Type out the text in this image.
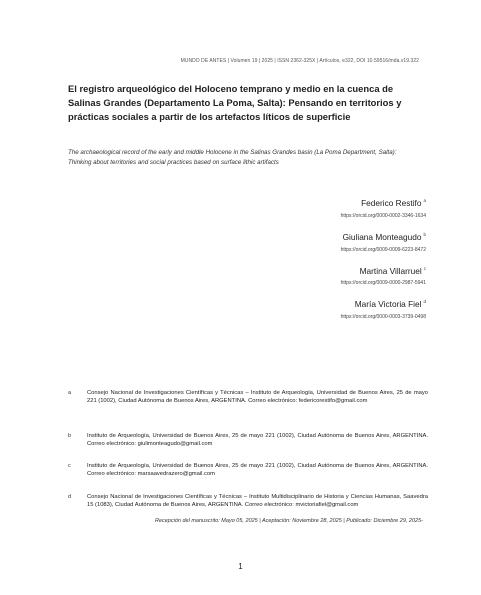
MUNDO DE ANTES | Volumen 19 | 2025 | ISSN 2362-325X | Artículos, e322, DOI 10.59516/mda.v19.322
El registro arqueológico del Holoceno temprano y medio en la cuenca de Salinas Grandes (Departamento La Poma, Salta): Pensando en territorios y prácticas sociales a partir de los artefactos líticos de superficie

The archaeological record of the early and middle Holocene in the Salinas Grandes basin (La Poma Department, Salta): Thinking about territories and social practices based on surface lithic artifacts

Federico Restifo $^a$
https://orcid.org/0000-0002-3346-1634
Giuliana Monteagudo $^b$
https://orcid.org/0009-0009-6223-8472
Martina Villarruel $^c$
https://orcid.org/0009-0000-2987-5941
María Victoria Fiel $^d$
https://orcid.org/0000-0003-3739-0498
a	Consejo Nacional de Investigaciones Científicas y Técnicas – Instituto de Arqueología, Universidad de Buenos Aires, 25 de mayo 221 (1002), Ciudad Autónoma de Buenos Aires, ARGENTINA. Correo electrónico: federicorestifo@gmail.com
b	Instituto de Arqueología, Universidad de Buenos Aires, 25 de mayo 221 (1002), Ciudad Autónoma de Buenos Aires, ARGENTINA. Correo electrónico: giulimonteagudo@gmail.com
c	Instituto de Arqueología, Universidad de Buenos Aires, 25 de mayo 221 (1002), Ciudad Autónoma de Buenos Aires, ARGENTINA. Correo electrónico: marsaavedrazero@gmail.com
d	Consejo Nacional de Investigaciones Científicas y Técnicas – Instituto Multidisciplinario de Historia y Ciencias Humanas, Saavedra 15 (1083), Ciudad Autónoma de Buenos Aires, ARGENTINA. Correo electrónico: mvictoriafiel@gmail.com
Recepción del manuscrito: Mayo 05, 2025 | Aceptación: Noviembre 28, 2025 | Publicado: Diciembre 29, 2025-
1
